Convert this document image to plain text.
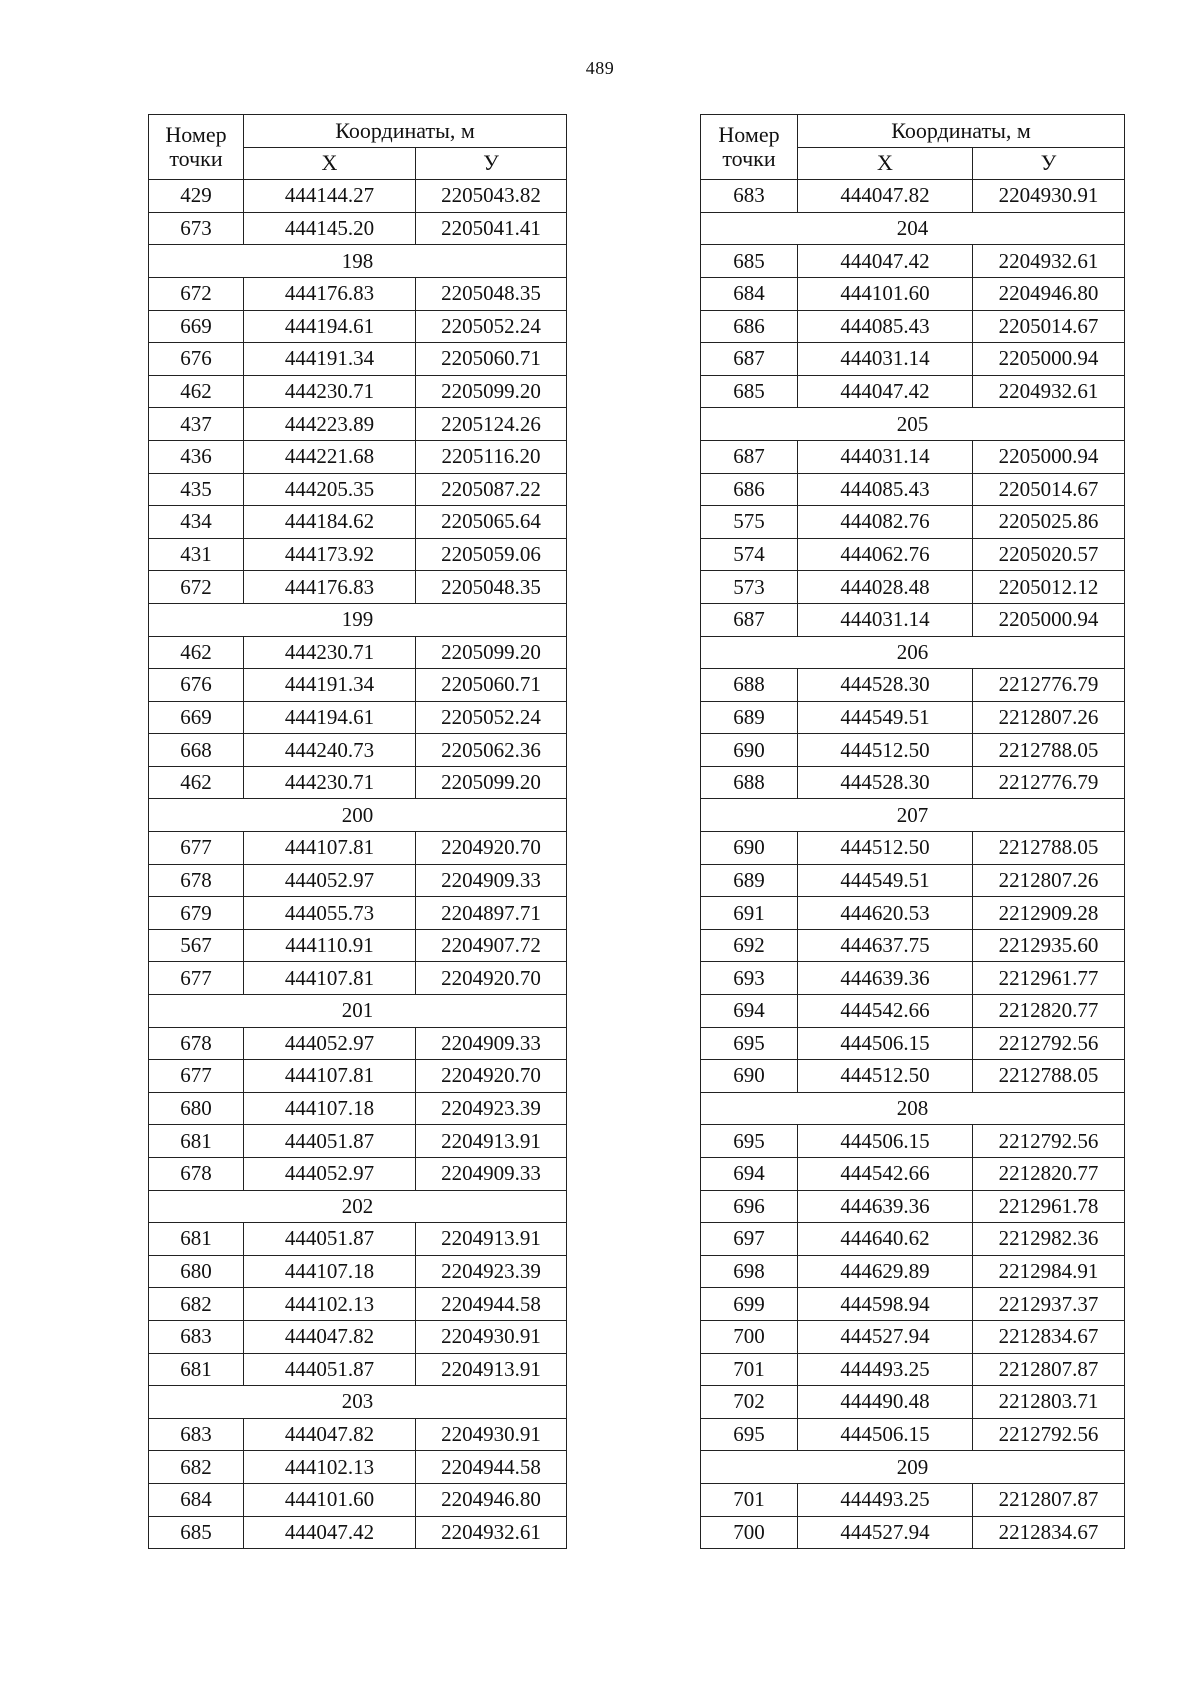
489
Номер точки	Координаты, м	
	Х	У
429	444144.27	2205043.82
673	444145.20	2205041.41
198		
672	444176.83	2205048.35
669	444194.61	2205052.24
676	444191.34	2205060.71
462	444230.71	2205099.20
437	444223.89	2205124.26
436	444221.68	2205116.20
435	444205.35	2205087.22
434	444184.62	2205065.64
431	444173.92	2205059.06
672	444176.83	2205048.35
199		
462	444230.71	2205099.20
676	444191.34	2205060.71
669	444194.61	2205052.24
668	444240.73	2205062.36
462	444230.71	2205099.20
200		
677	444107.81	2204920.70
678	444052.97	2204909.33
679	444055.73	2204897.71
567	444110.91	2204907.72
677	444107.81	2204920.70
201		
678	444052.97	2204909.33
677	444107.81	2204920.70
680	444107.18	2204923.39
681	444051.87	2204913.91
678	444052.97	2204909.33
202		
681	444051.87	2204913.91
680	444107.18	2204923.39
682	444102.13	2204944.58
683	444047.82	2204930.91
681	444051.87	2204913.91
203		
683	444047.82	2204930.91
682	444102.13	2204944.58
684	444101.60	2204946.80
685	444047.42	2204932.61
Номер точки	Координаты, м	
	Х	У
683	444047.82	2204930.91
204		
685	444047.42	2204932.61
684	444101.60	2204946.80
686	444085.43	2205014.67
687	444031.14	2205000.94
685	444047.42	2204932.61
205		
687	444031.14	2205000.94
686	444085.43	2205014.67
575	444082.76	2205025.86
574	444062.76	2205020.57
573	444028.48	2205012.12
687	444031.14	2205000.94
206		
688	444528.30	2212776.79
689	444549.51	2212807.26
690	444512.50	2212788.05
688	444528.30	2212776.79
207		
690	444512.50	2212788.05
689	444549.51	2212807.26
691	444620.53	2212909.28
692	444637.75	2212935.60
693	444639.36	2212961.77
694	444542.66	2212820.77
695	444506.15	2212792.56
690	444512.50	2212788.05
208		
695	444506.15	2212792.56
694	444542.66	2212820.77
696	444639.36	2212961.78
697	444640.62	2212982.36
698	444629.89	2212984.91
699	444598.94	2212937.37
700	444527.94	2212834.67
701	444493.25	2212807.87
702	444490.48	2212803.71
695	444506.15	2212792.56
209		
701	444493.25	2212807.87
700	444527.94	2212834.67
